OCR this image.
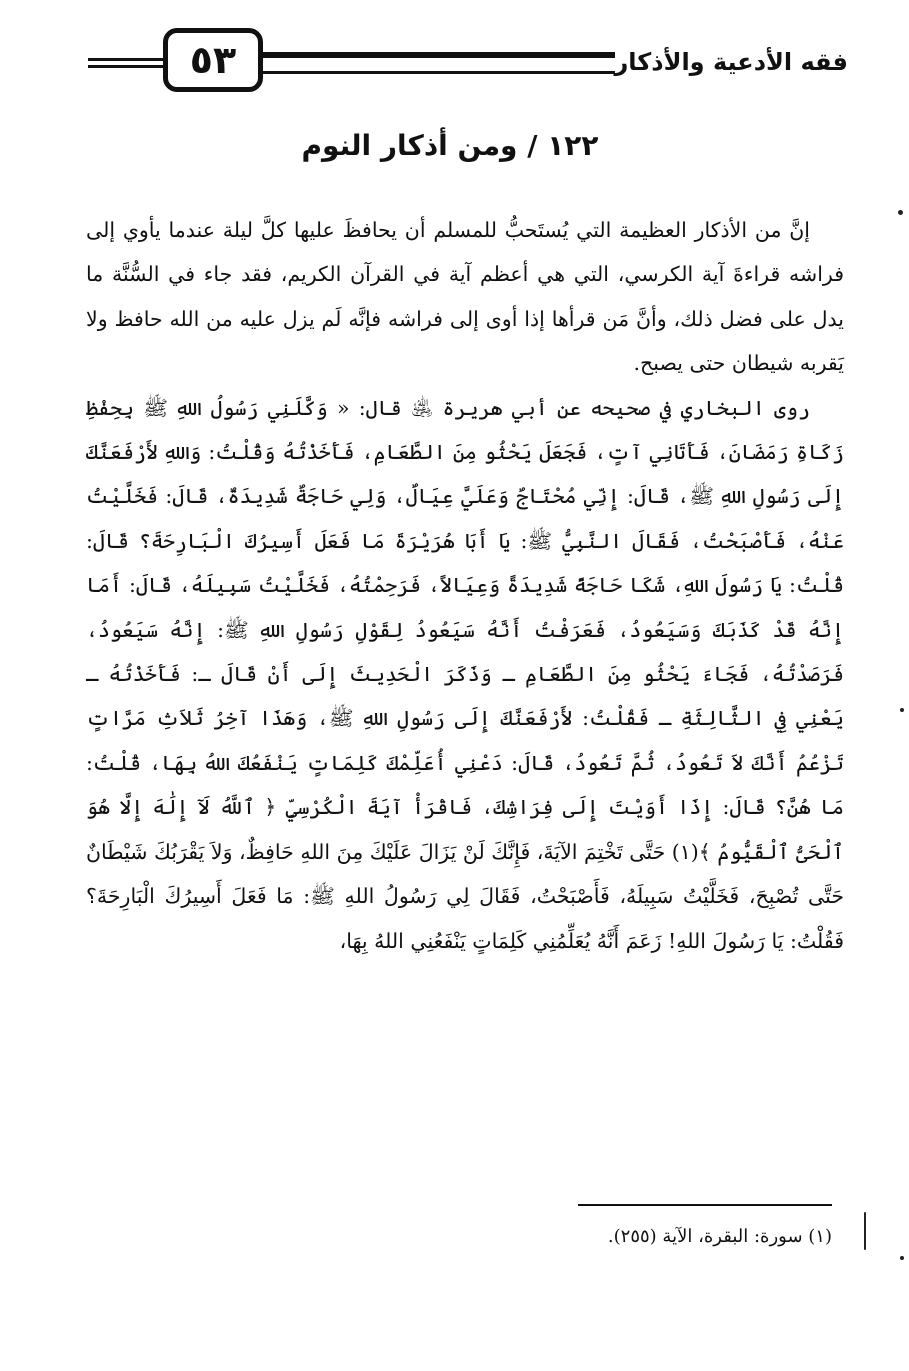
٥٣	فقه الأدعية والأذكار
١٢٢ / ومن أذكار النوم

إنَّ من الأذكار العظيمة التي يُستَحبُّ للمسلم أن يحافظَ عليها كلَّ ليلة عندما يأوي إلى فراشه قراءةَ آية الكرسي، التي هي أعظم آية في القرآن الكريم، فقد جاء في السُّنَّة ما يدل على فضل ذلك، وأنَّ مَن قرأها إذا أوى إلى فراشه فإنَّه لَم يزل عليه من الله حافظ ولا يَقربه شيطان حتى يصبح.

روى البخاري في صحيحه عن أبي هريرة ﵁ قال: « وَكَّلَنِي رَسُولُ اللهِ ﷺ بِحِفْظِ زَكَاةِ رَمَضَانَ، فَأَتَانِي آتٍ، فَجَعَلَ يَحْثُو مِنَ الطَّعَامِ، فَأَخَذْتُهُ وَقُلْتُ: وَاللهِ لأَرْفَعَنَّكَ إِلَى رَسُولِ اللهِ ﷺ، قَالَ: إِنِّي مُحْتَاجٌ وَعَلَيَّ عِيَالٌ، وَلِي حَاجَةٌ شَدِيدَةٌ، قَالَ: فَخَلَّيْتُ عَنْهُ، فَأَصْبَحْتُ، فَقَالَ النَّبِيُّ ﷺ: يَا أَبَا هُرَيْرَةَ مَا فَعَلَ أَسِيرُكَ الْبَارِحَةَ؟ قَالَ: قُلْتُ: يَا رَسُولَ اللهِ، شَكَا حَاجَةً شَدِيدَةً وَعِيَالاً، فَرَحِمْتُهُ، فَخَلَّيْتُ سَبِيلَهُ، قَالَ: أَمَا إِنَّهُ قَدْ كَذَبَكَ وَسَيَعُودُ، فَعَرَفْتُ أَنَّهُ سَيَعُودُ لِقَوْلِ رَسُولِ اللهِ ﷺ: إِنَّهُ سَيَعُودُ، فَرَصَدْتُهُ، فَجَاءَ يَحْثُو مِنَ الطَّعَامِ ـ وَذَكَرَ الْحَدِيثَ إِلَى أَنْ قَالَ ـ: فَأَخَذْتُهُ ـ يَعْنِي فِي الثَّالِثَةِ ـ فَقُلْتُ: لأَرْفَعَنَّكَ إِلَى رَسُولِ اللهِ ﷺ، وَهَذَا آخِرُ ثَلاَثِ مَرَّاتٍ تَزْعُمُ أَنَّكَ لاَ تَعُودُ، ثُمَّ تَعُودُ، قَالَ: دَعْنِي أُعَلِّمْكَ كَلِمَاتٍ يَنْفَعُكَ اللهُ بِهَا، قُلْتُ: مَا هُنَّ؟ قَالَ: إِذَا أَوَيْتَ إِلَى فِرَاشِكَ، فَاقْرَأْ آيَةَ الْكُرْسِيِّ ﴿ ٱللَّهُ لَآ إِلَٰهَ إِلَّا هُوَ ٱلْحَىُّ ٱلْقَيُّومُ ﴾(١) حَتَّى تَخْتِمَ الآيَةَ، فَإِنَّكَ لَنْ يَزَالَ عَلَيْكَ مِنَ اللهِ حَافِظٌ، وَلاَ يَقْرَبُكَ شَيْطَانٌ حَتَّى تُصْبِحَ، فَخَلَّيْتُ سَبِيلَهُ، فَأَصْبَحْتُ، فَقَالَ لِي رَسُولُ اللهِ ﷺ: مَا فَعَلَ أَسِيرُكَ الْبَارِحَةَ؟ فَقُلْتُ: يَا رَسُولَ اللهِ! زَعَمَ أَنَّهُ يُعَلِّمُنِي كَلِمَاتٍ يَنْفَعُنِي اللهُ بِهَا،

(١) سورة: البقرة، الآية (٢٥٥).
